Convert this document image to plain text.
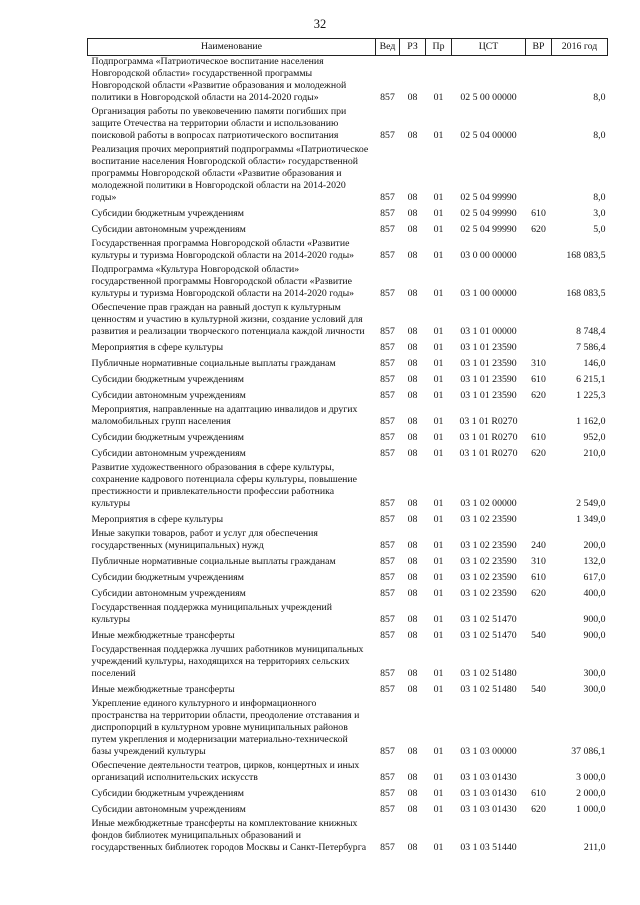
32
Наименование	Вед	РЗ	Пр	ЦСТ	ВР	2016 год
Подпрограмма «Патриотическое воспитание населения Новгородской области» государственной программы Новгородской области «Развитие образования и молодежной политики в Новгородской области на 2014-2020 годы»	857	08	01	02 5 00 00000		8,0
Организация работы по увековечению памяти погибших при защите Отечества на территории области и использованию поисковой работы в вопросах патриотического воспитания	857	08	01	02 5 04 00000		8,0
Реализация прочих мероприятий подпрограммы «Патриотическое воспитание населения Новгородской области» государственной программы Новгородской области «Развитие образования и молодежной политики в Новгородской области на 2014-2020 годы»	857	08	01	02 5 04 99990		8,0
Субсидии бюджетным учреждениям	857	08	01	02 5 04 99990	610	3,0
Субсидии автономным учреждениям	857	08	01	02 5 04 99990	620	5,0
Государственная программа Новгородской области «Развитие культуры и туризма Новгородской области на 2014-2020 годы»	857	08	01	03 0 00 00000		168 083,5
Подпрограмма «Культура Новгородской области» государственной программы Новгородской области «Развитие культуры и туризма Новгородской области на 2014-2020 годы»	857	08	01	03 1 00 00000		168 083,5
Обеспечение прав граждан на равный доступ к культурным ценностям и участию в культурной жизни, создание условий для развития и реализации творческого потенциала каждой личности	857	08	01	03 1 01 00000		8 748,4
Мероприятия в сфере культуры	857	08	01	03 1 01 23590		7 586,4
Публичные нормативные социальные выплаты гражданам	857	08	01	03 1 01 23590	310	146,0
Субсидии бюджетным учреждениям	857	08	01	03 1 01 23590	610	6 215,1
Субсидии автономным учреждениям	857	08	01	03 1 01 23590	620	1 225,3
Мероприятия, направленные на адаптацию инвалидов и других маломобильных групп населения	857	08	01	03 1 01 R0270		1 162,0
Субсидии бюджетным учреждениям	857	08	01	03 1 01 R0270	610	952,0
Субсидии автономным учреждениям	857	08	01	03 1 01 R0270	620	210,0
Развитие художественного образования в сфере культуры, сохранение кадрового потенциала сферы культуры, повышение престижности и привлекательности профессии работника культуры	857	08	01	03 1 02 00000		2 549,0
Мероприятия в сфере культуры	857	08	01	03 1 02 23590		1 349,0
Иные закупки товаров, работ и услуг для обеспечения государственных (муниципальных) нужд	857	08	01	03 1 02 23590	240	200,0
Публичные нормативные социальные выплаты гражданам	857	08	01	03 1 02 23590	310	132,0
Субсидии бюджетным учреждениям	857	08	01	03 1 02 23590	610	617,0
Субсидии автономным учреждениям	857	08	01	03 1 02 23590	620	400,0
Государственная поддержка муниципальных учреждений культуры	857	08	01	03 1 02 51470		900,0
Иные межбюджетные трансферты	857	08	01	03 1 02 51470	540	900,0
Государственная поддержка лучших работников муниципальных учреждений культуры, находящихся на территориях сельских поселений	857	08	01	03 1 02 51480		300,0
Иные межбюджетные трансферты	857	08	01	03 1 02 51480	540	300,0
Укрепление единого культурного и информационного пространства на территории области, преодоление отставания и диспропорций в культурном уровне муниципальных районов путем укрепления и модернизации материально-технической базы учреждений культуры	857	08	01	03 1 03 00000		37 086,1
Обеспечение деятельности театров, цирков, концертных и иных организаций исполнительских искусств	857	08	01	03 1 03 01430		3 000,0
Субсидии бюджетным учреждениям	857	08	01	03 1 03 01430	610	2 000,0
Субсидии автономным учреждениям	857	08	01	03 1 03 01430	620	1 000,0
Иные межбюджетные трансферты на комплектование книжных фондов библиотек муниципальных образований и государственных библиотек городов Москвы и Санкт-Петербурга	857	08	01	03 1 03 51440		211,0
